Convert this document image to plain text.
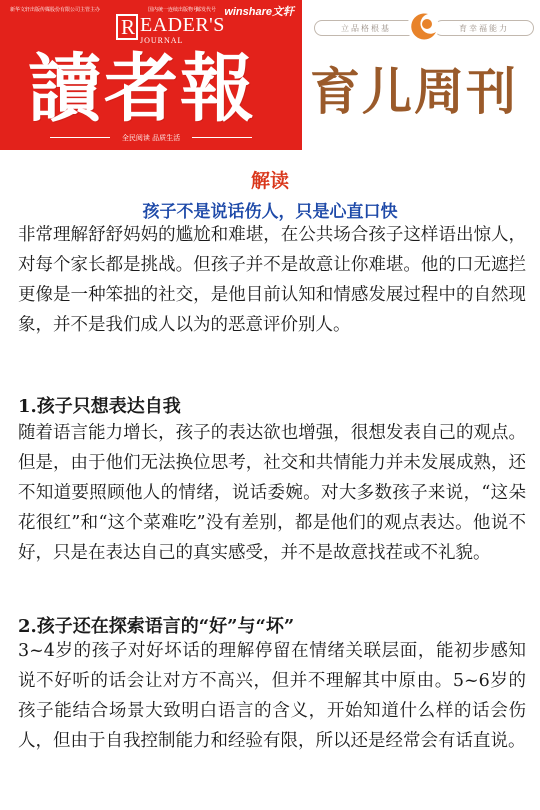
新华文轩出版传媒股份有限公司主管主办	国内统一连续出版物号
邮发代号 winshare文轩
R EADER'S
JOURNAL
讀者報
全民阅读 品质生活
立品格根基	育幸福能力
育儿周刊
解读
孩子不是说话伤人，只是心直口快

非常理解舒舒妈妈的尴尬和难堪，在公共场合孩子这样语出惊人，对每个家长都是挑战。但孩子并不是故意让你难堪。他的口无遮拦更像是一种笨拙的社交，是他目前认知和情感发展过程中的自然现象，并不是我们成人以为的恶意评价别人。

1.孩子只想表达自我

随着语言能力增长，孩子的表达欲也增强，很想发表自己的观点。但是，由于他们无法换位思考，社交和共情能力并未发展成熟，还不知道要照顾他人的情绪，说话委婉。对大多数孩子来说，“这朵花很红”和“这个菜难吃”没有差别，都是他们的观点表达。他说不好，只是在表达自己的真实感受，并不是故意找茬或不礼貌。

2.孩子还在探索语言的“好”与“坏”

3~4岁的孩子对好坏话的理解停留在情绪关联层面，能初步感知说不好听的话会让对方不高兴，但并不理解其中原由。5~6岁的孩子能结合场景大致明白语言的含义，开始知道什么样的话会伤人，但由于自我控制能力和经验有限，所以还是经常会有话直说。
